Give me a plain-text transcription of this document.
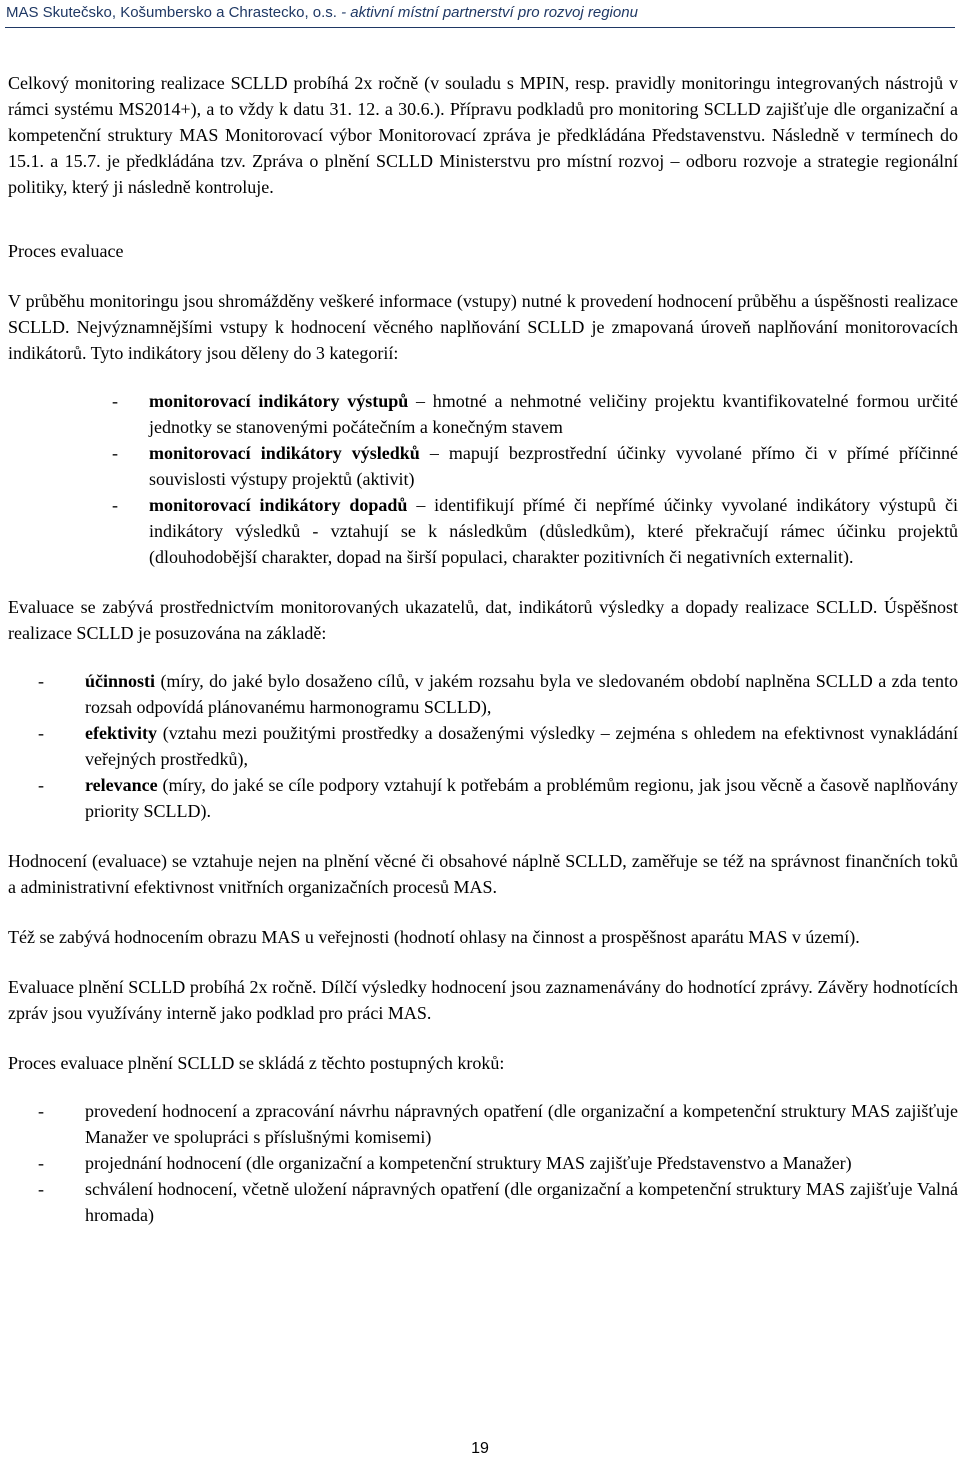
MAS Skutečsko, Košumbersko a Chrastecko, o.s. - aktivní místní partnerství pro rozvoj regionu

Celkový monitoring realizace SCLLD probíhá 2x ročně (v souladu s MPIN, resp. pravidly monitoringu integrovaných nástrojů v rámci systému MS2014+), a to vždy k datu 31. 12. a 30.6.). Přípravu podkladů pro monitoring SCLLD zajišťuje dle organizační a kompetenční struktury MAS Monitorovací výbor Monitorovací zpráva je předkládána Představenstvu. Následně v termínech do 15.1. a 15.7. je předkládána tzv. Zpráva o plnění SCLLD Ministerstvu pro místní rozvoj – odboru rozvoje a strategie regionální politiky, který ji následně kontroluje.

Proces evaluace

V průběhu monitoringu jsou shromážděny veškeré informace (vstupy) nutné k provedení hodnocení průběhu a úspěšnosti realizace SCLLD. Nejvýznamnějšími vstupy k hodnocení věcného naplňování SCLLD je zmapovaná úroveň naplňování monitorovacích indikátorů. Tyto indikátory jsou děleny do 3 kategorií:

- monitorovací indikátory výstupů – hmotné a nehmotné veličiny projektu kvantifikovatelné formou určité jednotky se stanovenými počátečním a konečným stavem
- monitorovací indikátory výsledků – mapují bezprostřední účinky vyvolané přímo či v přímé příčinné souvislosti výstupy projektů (aktivit)
- monitorovací indikátory dopadů – identifikují přímé či nepřímé účinky vyvolané indikátory výstupů či indikátory výsledků - vztahují se k následkům (důsledkům), které překračují rámec účinku projektů (dlouhodobější charakter, dopad na širší populaci, charakter pozitivních či negativních externalit).

Evaluace se zabývá prostřednictvím monitorovaných ukazatelů, dat, indikátorů výsledky a dopady realizace SCLLD. Úspěšnost realizace SCLLD je posuzována na základě:

- účinnosti (míry, do jaké bylo dosaženo cílů, v jakém rozsahu byla ve sledovaném období naplněna SCLLD a zda tento rozsah odpovídá plánovanému harmonogramu SCLLD),
- efektivity (vztahu mezi použitými prostředky a dosaženými výsledky – zejména s ohledem na efektivnost vynakládání veřejných prostředků),
- relevance (míry, do jaké se cíle podpory vztahují k potřebám a problémům regionu, jak jsou věcně a časově naplňovány priority SCLLD).

Hodnocení (evaluace) se vztahuje nejen na plnění věcné či obsahové náplně SCLLD, zaměřuje se též na správnost finančních toků a administrativní efektivnost vnitřních organizačních procesů MAS.

Též se zabývá hodnocením obrazu MAS u veřejnosti (hodnotí ohlasy na činnost a prospěšnost aparátu MAS v území).

Evaluace plnění SCLLD probíhá 2x ročně. Dílčí výsledky hodnocení jsou zaznamenávány do hodnotící zprávy. Závěry hodnotících zpráv jsou využívány interně jako podklad pro práci MAS.

Proces evaluace plnění SCLLD se skládá z těchto postupných kroků:

- provedení hodnocení a zpracování návrhu nápravných opatření (dle organizační a kompetenční struktury MAS zajišťuje Manažer ve spolupráci s příslušnými komisemi)
- projednání hodnocení (dle organizační a kompetenční struktury MAS zajišťuje Představenstvo a Manažer)
- schválení hodnocení, včetně uložení nápravných opatření (dle organizační a kompetenční struktury MAS zajišťuje Valná hromada)
19
